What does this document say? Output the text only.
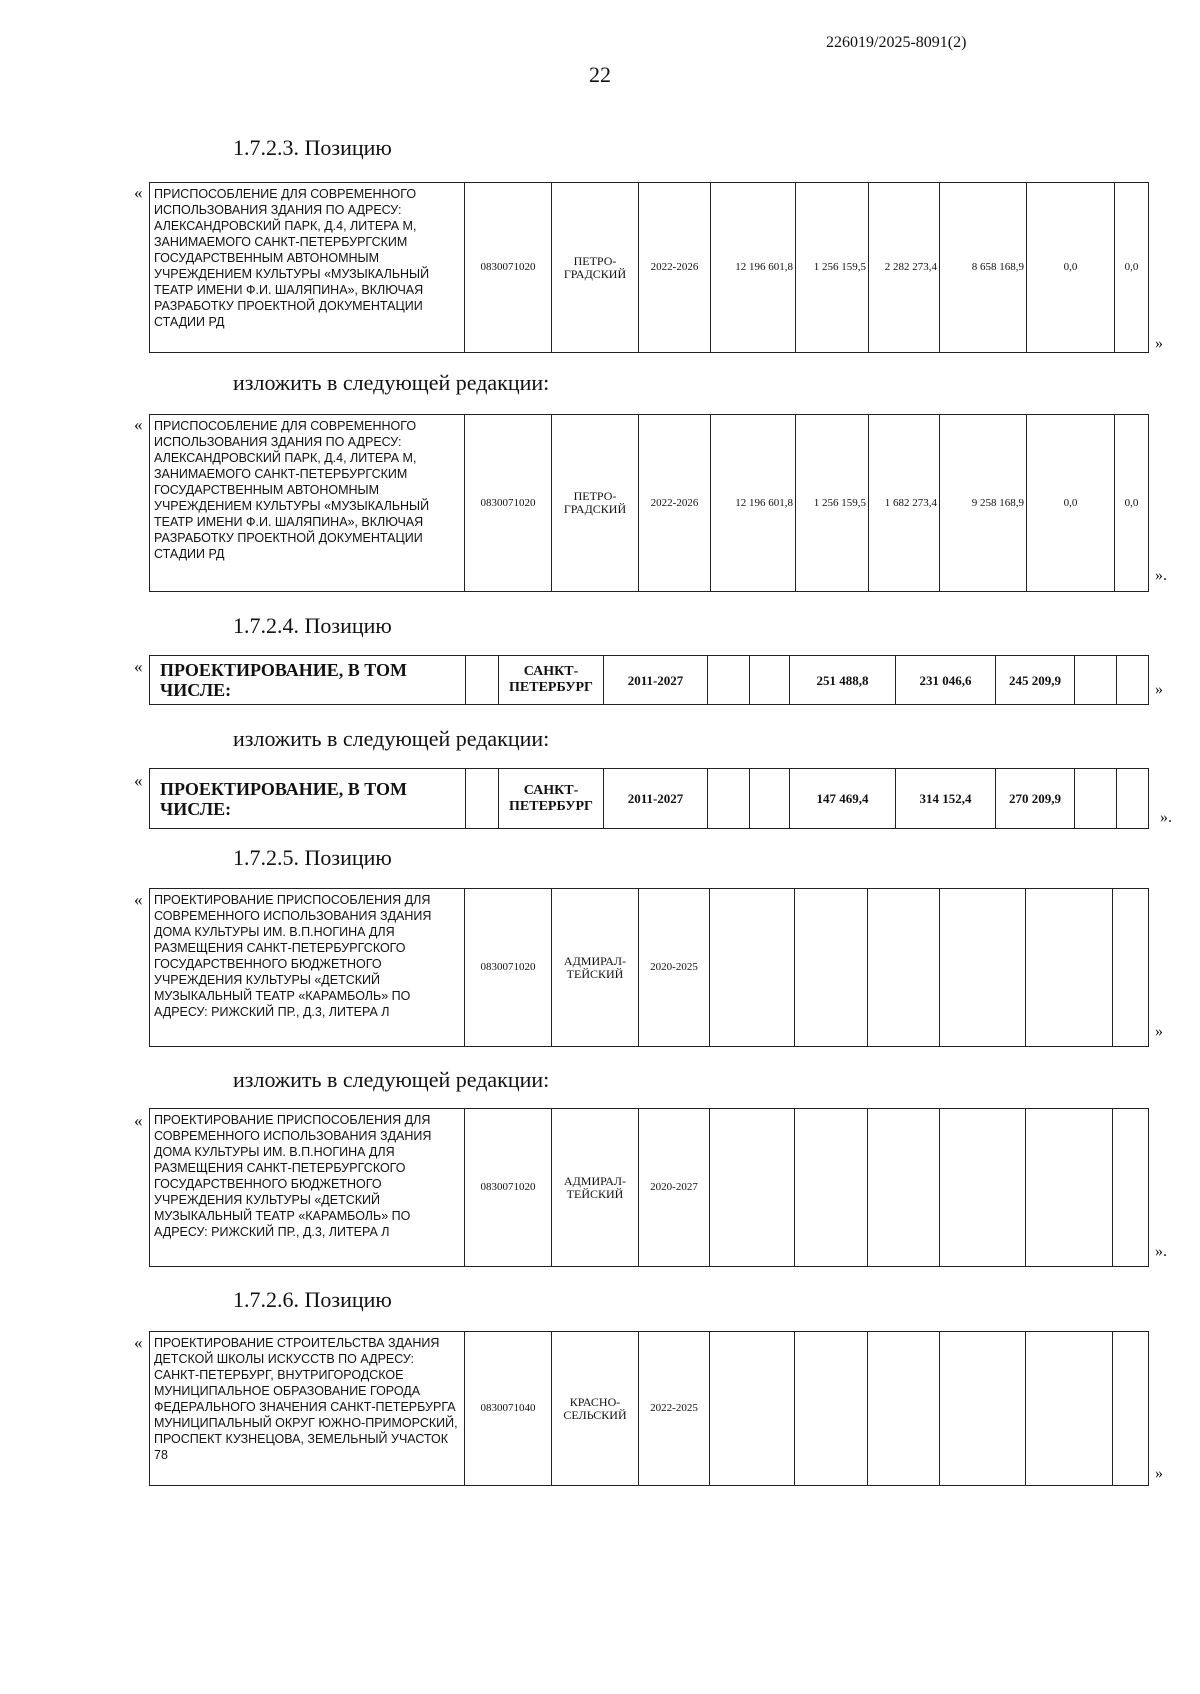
226019/2025-8091(2)
22
1.7.2.3. Позицию
« ПРИСПОСОБЛЕНИЕ ДЛЯ СОВРЕМЕННОГО ИСПОЛЬЗОВАНИЯ ЗДАНИЯ ПО АДРЕСУ: АЛЕКСАНДРОВСКИЙ ПАРК, Д.4, ЛИТЕРА М, ЗАНИМАЕМОГО САНКТ-ПЕТЕРБУРГСКИМ ГОСУДАРСТВЕННЫМ АВТОНОМНЫМ УЧРЕЖДЕНИЕМ КУЛЬТУРЫ «МУЗЫКАЛЬНЫЙ ТЕАТР ИМЕНИ Ф.И. ШАЛЯПИНА», ВКЛЮЧАЯ РАЗРАБОТКУ ПРОЕКТНОЙ ДОКУМЕНТАЦИИ СТАДИИ РД	0830071020	ПЕТРО-ГРАДСКИЙ	2022-2026	12 196 601,8	1 256 159,5	2 282 273,4	8 658 168,9	0,0	0,0
»
изложить в следующей редакции:
« ПРИСПОСОБЛЕНИЕ ДЛЯ СОВРЕМЕННОГО ИСПОЛЬЗОВАНИЯ ЗДАНИЯ ПО АДРЕСУ: АЛЕКСАНДРОВСКИЙ ПАРК, Д.4, ЛИТЕРА М, ЗАНИМАЕМОГО САНКТ-ПЕТЕРБУРГСКИМ ГОСУДАРСТВЕННЫМ АВТОНОМНЫМ УЧРЕЖДЕНИЕМ КУЛЬТУРЫ «МУЗЫКАЛЬНЫЙ ТЕАТР ИМЕНИ Ф.И. ШАЛЯПИНА», ВКЛЮЧАЯ РАЗРАБОТКУ ПРОЕКТНОЙ ДОКУМЕНТАЦИИ СТАДИИ РД	0830071020	ПЕТРО-ГРАДСКИЙ	2022-2026	12 196 601,8	1 256 159,5	1 682 273,4	9 258 168,9	0,0	0,0
».
1.7.2.4. Позицию
« ПРОЕКТИРОВАНИЕ, В ТОМ ЧИСЛЕ:		САНКТ-ПЕТЕРБУРГ	2011-2027			251 488,8	231 046,6	245 209,9		
»
изложить в следующей редакции:
« ПРОЕКТИРОВАНИЕ, В ТОМ ЧИСЛЕ:		САНКТ-ПЕТЕРБУРГ	2011-2027			147 469,4	314 152,4	270 209,9		
».
1.7.2.5. Позицию
« ПРОЕКТИРОВАНИЕ ПРИСПОСОБЛЕНИЯ ДЛЯ СОВРЕМЕННОГО ИСПОЛЬЗОВАНИЯ ЗДАНИЯ ДОМА КУЛЬТУРЫ ИМ. В.П.НОГИНА ДЛЯ РАЗМЕЩЕНИЯ САНКТ-ПЕТЕРБУРГСКОГО ГОСУДАРСТВЕННОГО БЮДЖЕТНОГО УЧРЕЖДЕНИЯ КУЛЬТУРЫ «ДЕТСКИЙ МУЗЫКАЛЬНЫЙ ТЕАТР «КАРАМБОЛЬ» ПО АДРЕСУ: РИЖСКИЙ ПР., Д.3, ЛИТЕРА Л	0830071020	АДМИРАЛ-ТЕЙСКИЙ	2020-2025						
»
изложить в следующей редакции:
« ПРОЕКТИРОВАНИЕ ПРИСПОСОБЛЕНИЯ ДЛЯ СОВРЕМЕННОГО ИСПОЛЬЗОВАНИЯ ЗДАНИЯ ДОМА КУЛЬТУРЫ ИМ. В.П.НОГИНА ДЛЯ РАЗМЕЩЕНИЯ САНКТ-ПЕТЕРБУРГСКОГО ГОСУДАРСТВЕННОГО БЮДЖЕТНОГО УЧРЕЖДЕНИЯ КУЛЬТУРЫ «ДЕТСКИЙ МУЗЫКАЛЬНЫЙ ТЕАТР «КАРАМБОЛЬ» ПО АДРЕСУ: РИЖСКИЙ ПР., Д.3, ЛИТЕРА Л	0830071020	АДМИРАЛ-ТЕЙСКИЙ	2020-2027						
».
1.7.2.6. Позицию
« ПРОЕКТИРОВАНИЕ СТРОИТЕЛЬСТВА ЗДАНИЯ ДЕТСКОЙ ШКОЛЫ ИСКУССТВ ПО АДРЕСУ: САНКТ-ПЕТЕРБУРГ, ВНУТРИГОРОДСКОЕ МУНИЦИПАЛЬНОЕ ОБРАЗОВАНИЕ ГОРОДА ФЕДЕРАЛЬНОГО ЗНАЧЕНИЯ САНКТ-ПЕТЕРБУРГА МУНИЦИПАЛЬНЫЙ ОКРУГ ЮЖНО-ПРИМОРСКИЙ, ПРОСПЕКТ КУЗНЕЦОВА, ЗЕМЕЛЬНЫЙ УЧАСТОК 78	0830071040	КРАСНО-СЕЛЬСКИЙ	2022-2025						
»
